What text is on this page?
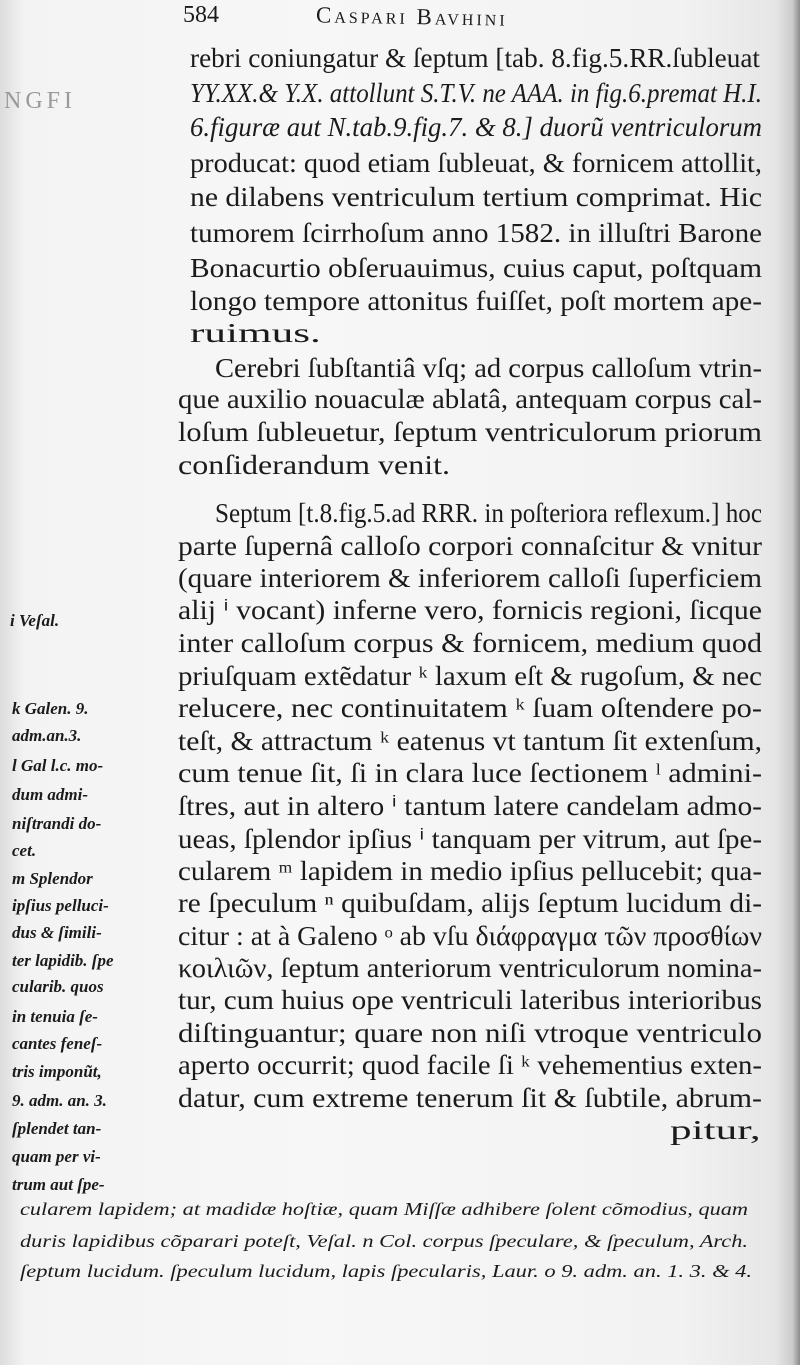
584	Caspari Bavhini
NGFI
rebri coniungatur & ſeptum [tab. 8.fig.5.RR.ſubleuat
YY.XX.& Y.X. attollunt S.T.V. ne AAA. in fig.6.premat H.I.
6.figuræ aut N.tab.9.fig.7. & 8.] duorũ ventriculorum
producat: quod etiam ſubleuat, & fornicem attollit,
ne dilabens ventriculum tertium comprimat. Hic
tumorem ſcirrhoſum anno 1582. in illuſtri Barone
Bonacurtio obſeruauimus, cuius caput, poſtquam
longo tempore attonitus fuiſſet, poſt mortem ape-
ruimus.
Cerebri ſubſtantiâ vſq; ad corpus calloſum vtrin-
que auxilio nouaculæ ablatâ, antequam corpus cal-
loſum ſubleuetur, ſeptum ventriculorum priorum
conſiderandum venit.
Septum [t.8.fig.5.ad RRR. in poſteriora reflexum.] hoc
parte ſupernâ calloſo corpori connaſcitur & vnitur
(quare interiorem & inferiorem calloſi ſuperficiem
alij ⁱ vocant) inferne vero, fornicis regioni, ſicque
inter calloſum corpus & fornicem, medium quod
priuſquam extẽdatur ᵏ laxum eſt & rugoſum, & nec
relucere, nec continuitatem ᵏ ſuam oſtendere po-
teſt, & attractum ᵏ eatenus vt tantum ſit extenſum,
cum tenue ſit, ſi in clara luce ſectionem ˡ admini-
ſtres, aut in altero ⁱ tantum latere candelam admo-
ueas, ſplendor ipſius ⁱ tanquam per vitrum, aut ſpe-
cularem ᵐ lapidem in medio ipſius pellucebit; qua-
re ſpeculum ⁿ quibuſdam, alijs ſeptum lucidum di-
citur : at à Galeno ᵒ ab vſu διάφραγμα τῶν προσθίων
κοιλιῶν, ſeptum anteriorum ventriculorum nomina-
tur, cum huius ope ventriculi lateribus interioribus
diſtinguantur; quare non niſi vtroque ventriculo
aperto occurrit; quod facile ſi ᵏ vehementius exten-
datur, cum extreme tenerum ſit & ſubtile, abrum-
pitur,
i Veſal.
k Galen. 9.
adm.an.3.
l Gal l.c. mo-
dum admi-
niſtrandi do-
cet.
m Splendor
ipſius pelluci-
dus & ſimili-
ter lapidib. ſpe
cularib. quos
in tenuia ſe-
cantes feneſ-
tris imponũt,
9. adm. an. 3.
ſplendet tan-
quam per vi-
trum aut ſpe-
cularem lapidem; at madidæ hoſtiæ, quam Miſſæ adhibere ſolent cõmodius, quam
duris lapidibus cõparari poteſt, Veſal. n Col. corpus ſpeculare, & ſpeculum, Arch.
ſeptum lucidum. ſpeculum lucidum, lapis ſpecularis, Laur. o 9. adm. an. 1. 3. & 4.
